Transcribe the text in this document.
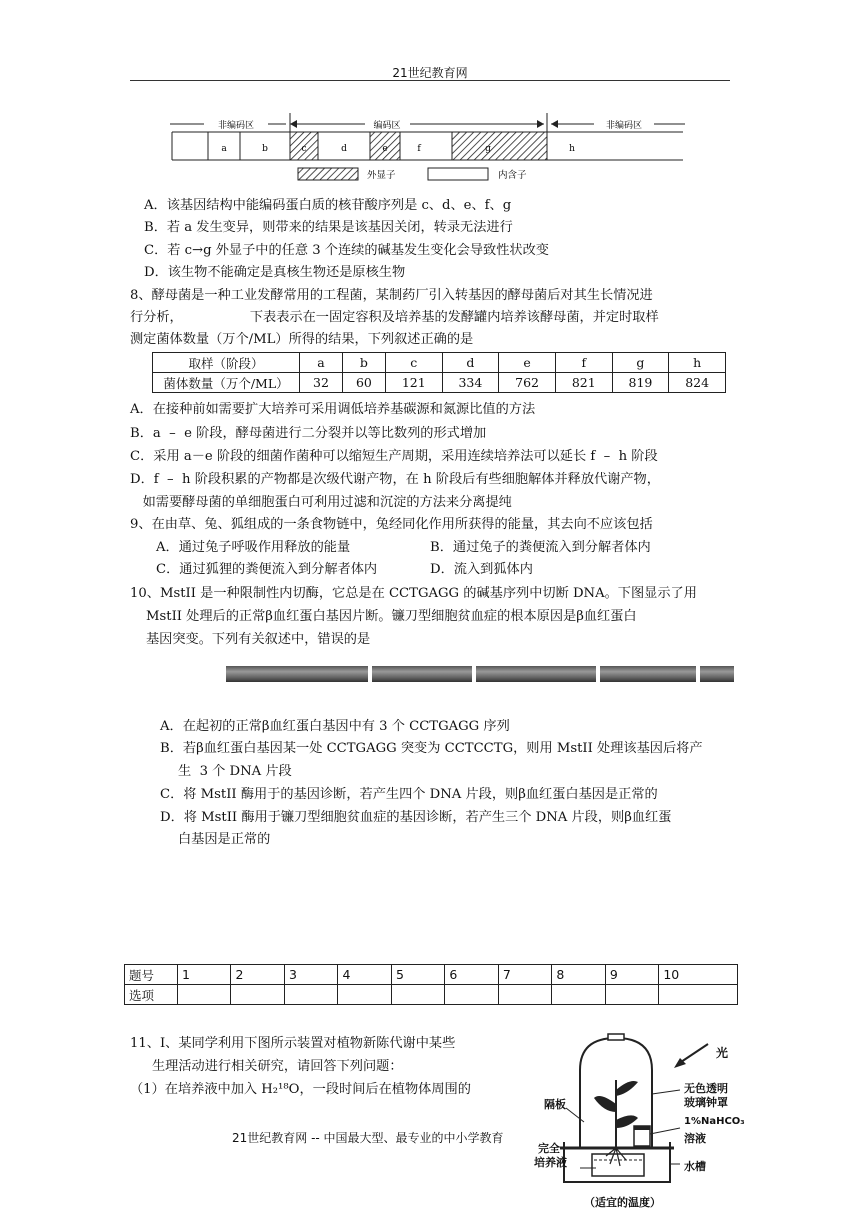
21世纪教育网
非编码区	编码区	非编码区
a	b	c	d	e	f	g	h
外显子	内含子
A．该基因结构中能编码蛋白质的核苷酸序列是 c、d、e、f、g
B．若 a 发生变异，则带来的结果是该基因关闭，转录无法进行
C．若 c→g 外显子中的任意 3 个连续的碱基发生变化会导致性状改变
D．该生物不能确定是真核生物还是原核生物
8、酵母菌是一种工业发酵常用的工程菌，某制药厂引入转基因的酵母菌后对其生长情况进
行分析，                下表表示在一固定容积及培养基的发酵罐内培养该酵母菌，并定时取样
测定菌体数量（万个/ML）所得的结果，下列叙述正确的是
取样（阶段）	a	b	c	d	e	f	g	h
菌体数量（万个/ML）	32	60	121	334	762	821	819	824
A．在接种前如需要扩大培养可采用调低培养基碳源和氮源比值的方法
B．a  –  e 阶段，酵母菌进行二分裂并以等比数列的形式增加
C．采用 a－e 阶段的细菌作菌种可以缩短生产周期，采用连续培养法可以延长 f  –  h 阶段
D．f  –  h 阶段积累的产物都是次级代谢产物，在 h 阶段后有些细胞解体并释放代谢产物，
如需要酵母菌的单细胞蛋白可利用过滤和沉淀的方法来分离提纯
9、在由草、兔、狐组成的一条食物链中，兔经同化作用所获得的能量，其去向不应该包括
A．通过兔子呼吸作用释放的能量	B．通过兔子的粪便流入到分解者体内
C．通过狐狸的粪便流入到分解者体内	D．流入到狐体内
10、MstII 是一种限制性内切酶，它总是在 CCTGAGG 的碱基序列中切断 DNA。下图显示了用
MstII 处理后的正常β血红蛋白基因片断。镰刀型细胞贫血症的根本原因是β血红蛋白
基因突变。下列有关叙述中，错误的是
A．在起初的正常β血红蛋白基因中有 3 个 CCTGAGG 序列
B．若β血红蛋白基因某一处 CCTGAGG 突变为 CCTCCTG，则用 MstII 处理该基因后将产
生  3 个 DNA 片段
C．将 MstII 酶用于的基因诊断，若产生四个 DNA 片段，则β血红蛋白基因是正常的
D．将 MstII 酶用于镰刀型细胞贫血症的基因诊断，若产生三个 DNA 片段，则β血红蛋
白基因是正常的
题号	1	2	3	4	5	6	7	8	9	10
选项										
11、I、某同学利用下图所示装置对植物新陈代谢中某些
生理活动进行相关研究，请回答下列问题：
（1）在培养液中加入 H₂¹⁸O，一段时间后在植物体周围的
光
隔板
无色透明
玻璃钟罩
1%NaHCO₃
溶液
完全
培养液	水槽
（适宜的温度）
21世纪教育网 -- 中国最大型、最专业的中小学教育
